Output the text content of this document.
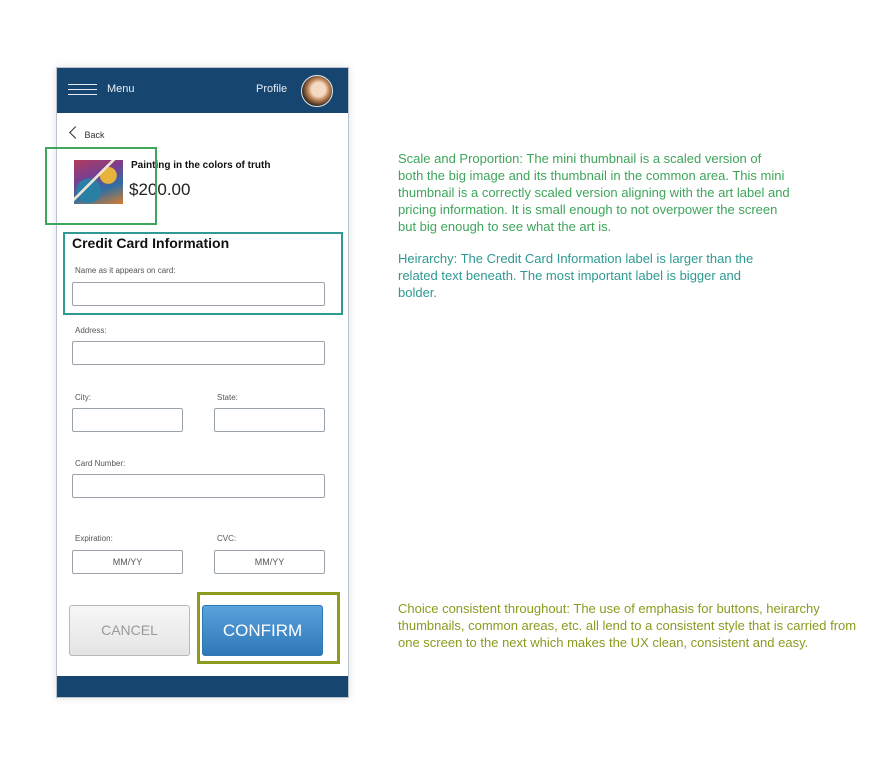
Menu	Profile
Back
Painting in the colors of truth
$200.00
Credit Card Information
Name as it appears on card:
Address:
City:	State:
Card Number:
Expiration:
MM/YY
CVC:
MM/YY
CANCEL	CONFIRM
Scale and Proportion: The mini thumbnail is a scaled version of both the big image and its thumbnail in the common area. This mini thumbnail is a correctly scaled version aligning with the art label and pricing information. It is small enough to not overpower the screen but big enough to see what the art is.
Heirarchy: The Credit Card Information label is larger than the related text beneath. The most important label is bigger and bolder.
Choice consistent throughout: The use of emphasis for buttons, heirarchy thumbnails, common areas, etc. all lend to a consistent style that is carried from one screen to the next which makes the UX clean, consistent and easy.
